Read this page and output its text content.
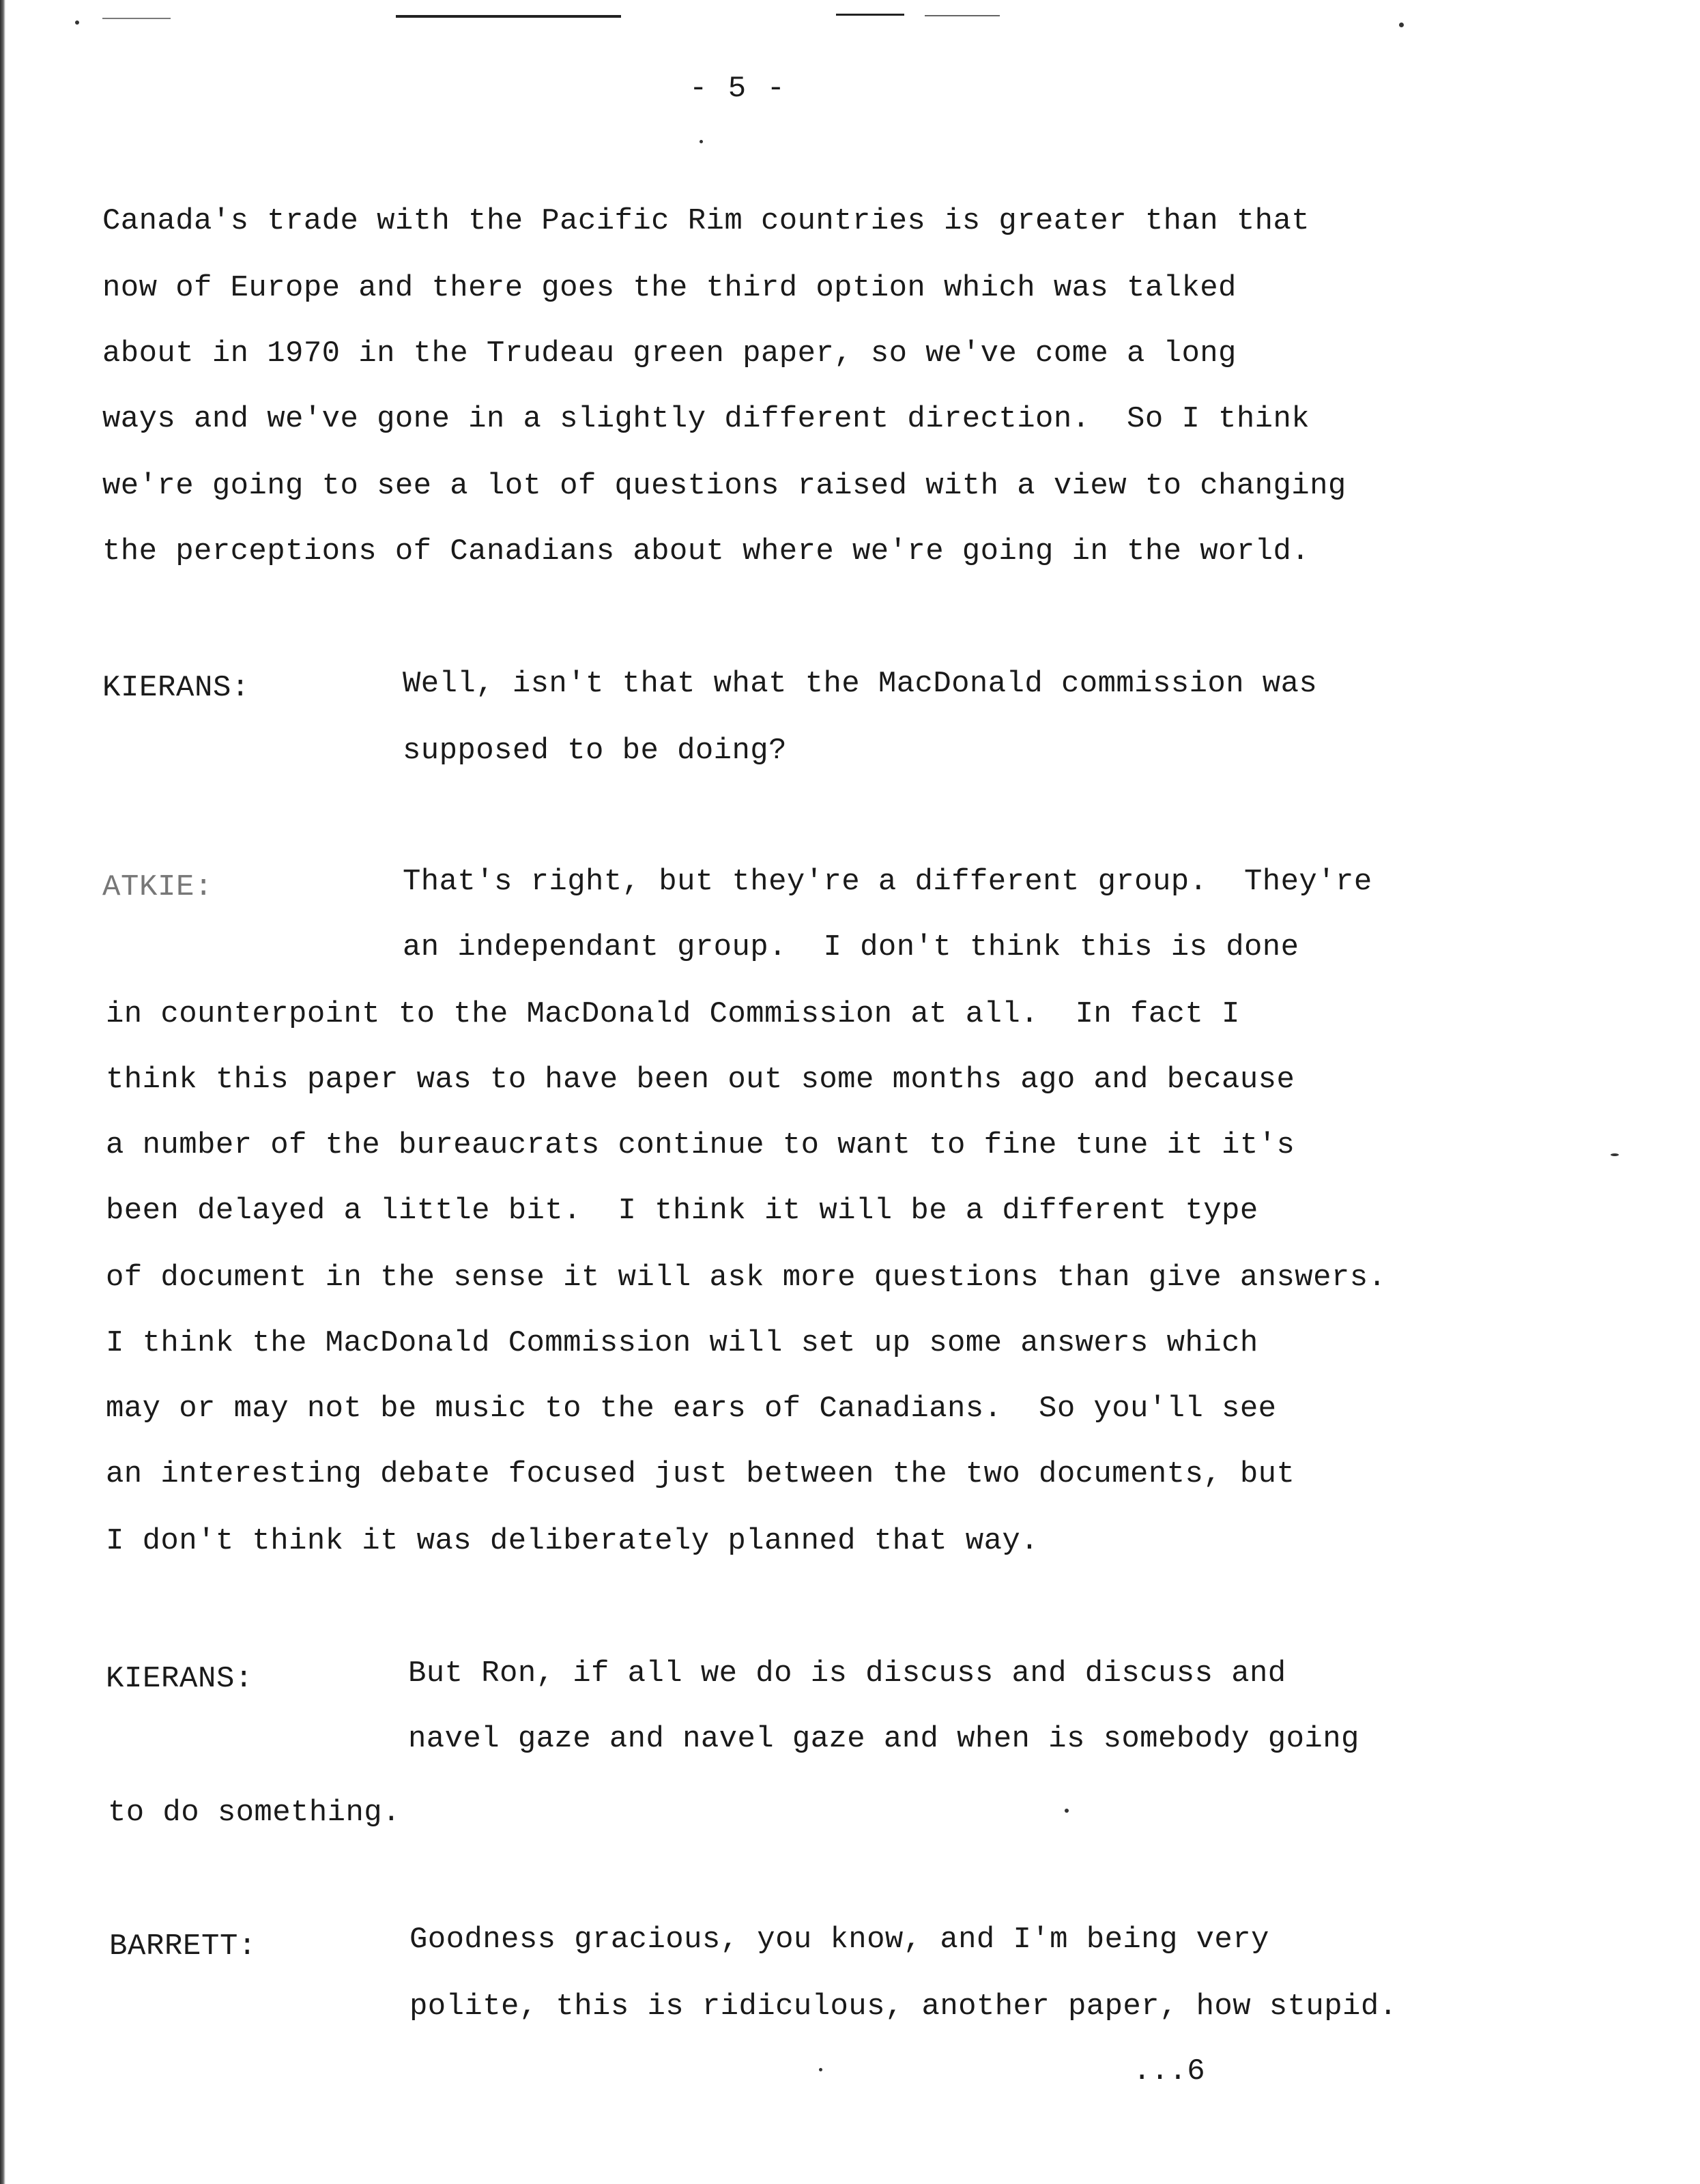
- 5 -
Canada's trade with the Pacific Rim countries is greater than that
now of Europe and there goes the third option which was talked
about in 1970 in the Trudeau green paper, so we've come a long
ways and we've gone in a slightly different direction.  So I think
we're going to see a lot of questions raised with a view to changing
the perceptions of Canadians about where we're going in the world.
KIERANS:	Well, isn't that what the MacDonald commission was
supposed to be doing?
ATKIE:	That's right, but they're a different group.  They're
an independant group.  I don't think this is done
in counterpoint to the MacDonald Commission at all.  In fact I
think this paper was to have been out some months ago and because
a number of the bureaucrats continue to want to fine tune it it's
been delayed a little bit.  I think it will be a different type
of document in the sense it will ask more questions than give answers.
I think the MacDonald Commission will set up some answers which
may or may not be music to the ears of Canadians.  So you'll see
an interesting debate focused just between the two documents, but
I don't think it was deliberately planned that way.
KIERANS:	But Ron, if all we do is discuss and discuss and
navel gaze and navel gaze and when is somebody going
to do something.
BARRETT:	Goodness gracious, you know, and I'm being very
polite, this is ridiculous, another paper, how stupid.
...6
